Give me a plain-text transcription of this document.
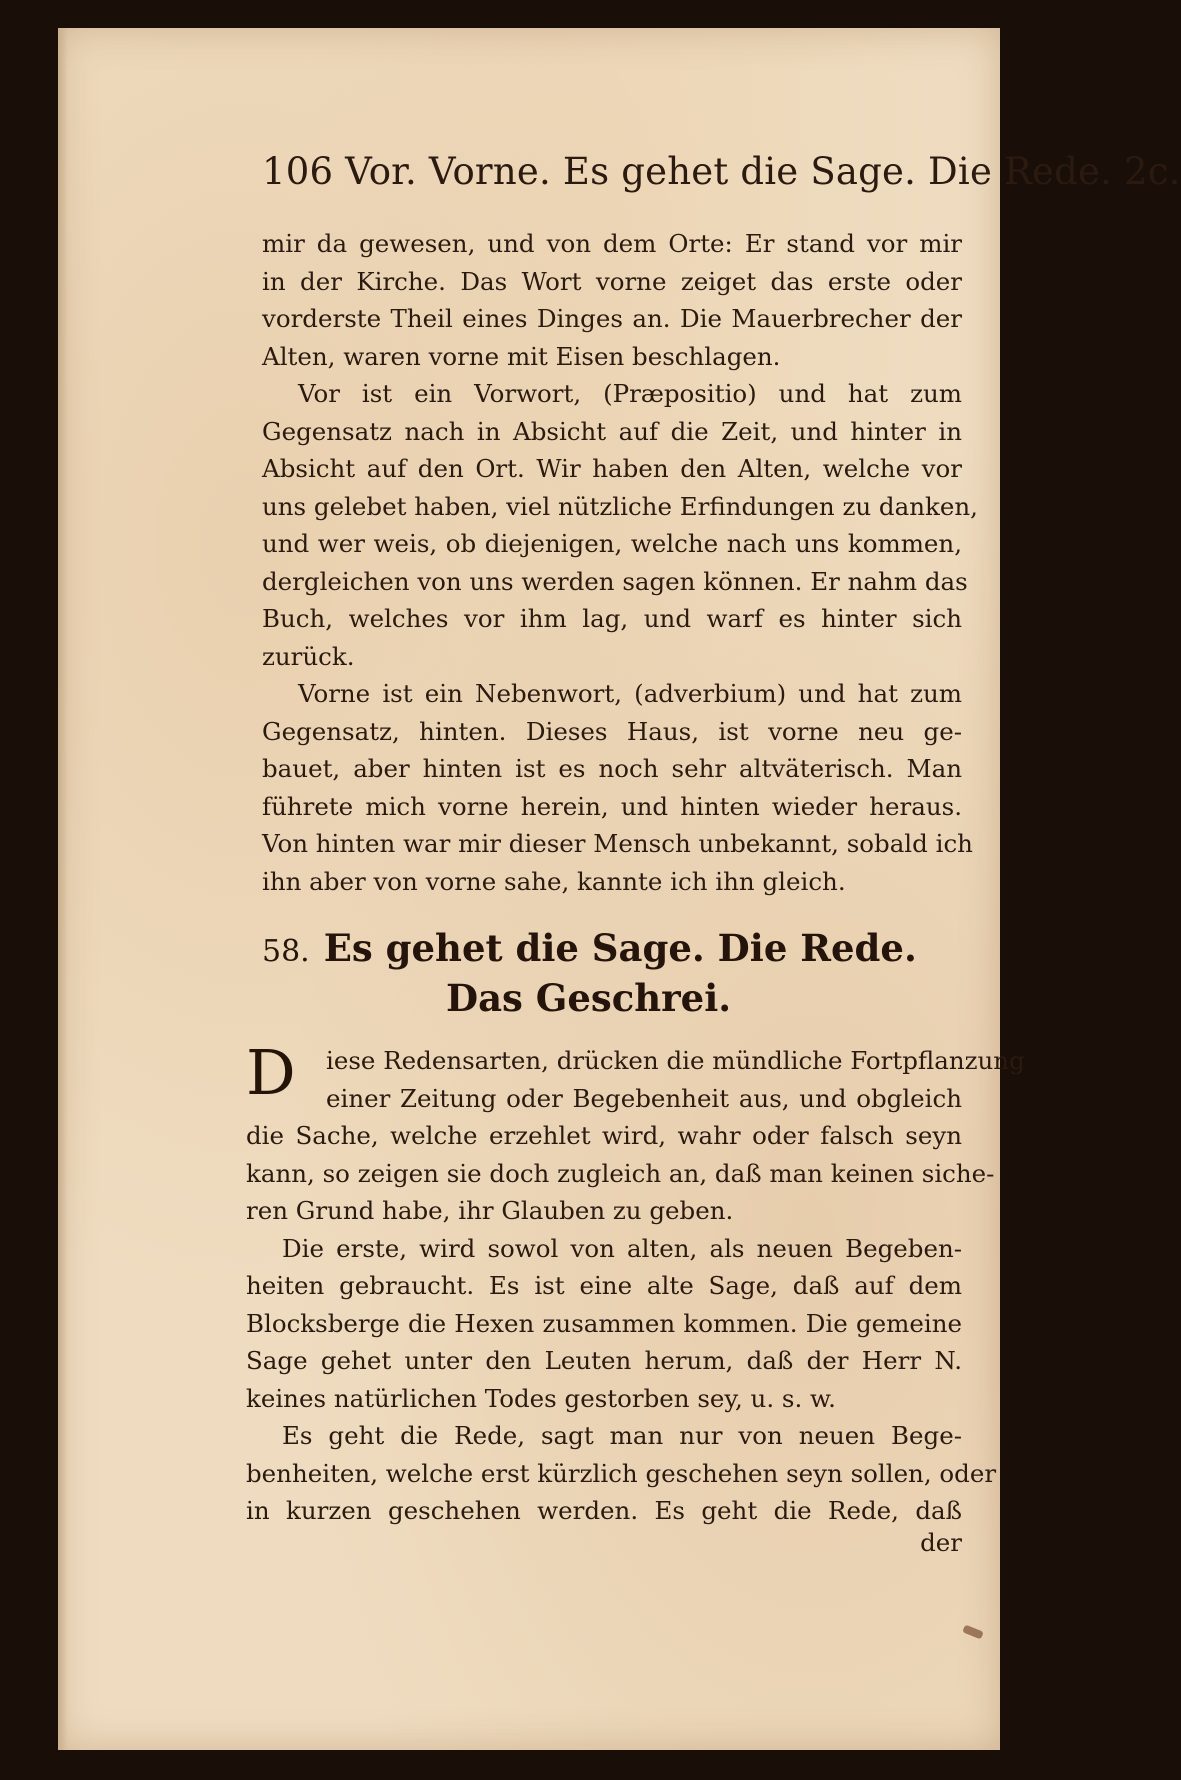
106 Vor. Vorne. Es gehet die Sage. Die Rede. 2c.
mir da gewesen, und von dem Orte: Er stand vor mir
in der Kirche. Das Wort vorne zeiget das erste oder
vorderste Theil eines Dinges an. Die Mauerbrecher der
Alten, waren vorne mit Eisen beschlagen.
Vor ist ein Vorwort, (Præpositio) und hat zum
Gegensatz nach in Absicht auf die Zeit, und hinter in
Absicht auf den Ort. Wir haben den Alten, welche vor
uns gelebet haben, viel nützliche Erfindungen zu danken,
und wer weis, ob diejenigen, welche nach uns kommen,
dergleichen von uns werden sagen können. Er nahm das
Buch, welches vor ihm lag, und warf es hinter sich
zurück.
Vorne ist ein Nebenwort, (adverbium) und hat zum
Gegensatz, hinten. Dieses Haus, ist vorne neu ge-
bauet, aber hinten ist es noch sehr altväterisch. Man
führete mich vorne herein, und hinten wieder heraus.
Von hinten war mir dieser Mensch unbekannt, sobald ich
ihn aber von vorne sahe, kannte ich ihn gleich.
58. Es gehet die Sage. Die Rede.
Das Geschrei.
D	iese Redensarten, drücken die mündliche Fortpflanzung
einer Zeitung oder Begebenheit aus, und obgleich
die Sache, welche erzehlet wird, wahr oder falsch seyn
kann, so zeigen sie doch zugleich an, daß man keinen siche-
ren Grund habe, ihr Glauben zu geben.
Die erste, wird sowol von alten, als neuen Begeben-
heiten gebraucht. Es ist eine alte Sage, daß auf dem
Blocksberge die Hexen zusammen kommen. Die gemeine
Sage gehet unter den Leuten herum, daß der Herr N.
keines natürlichen Todes gestorben sey, u. s. w.
Es geht die Rede, sagt man nur von neuen Bege-
benheiten, welche erst kürzlich geschehen seyn sollen, oder
in kurzen geschehen werden. Es geht die Rede, daß
der
